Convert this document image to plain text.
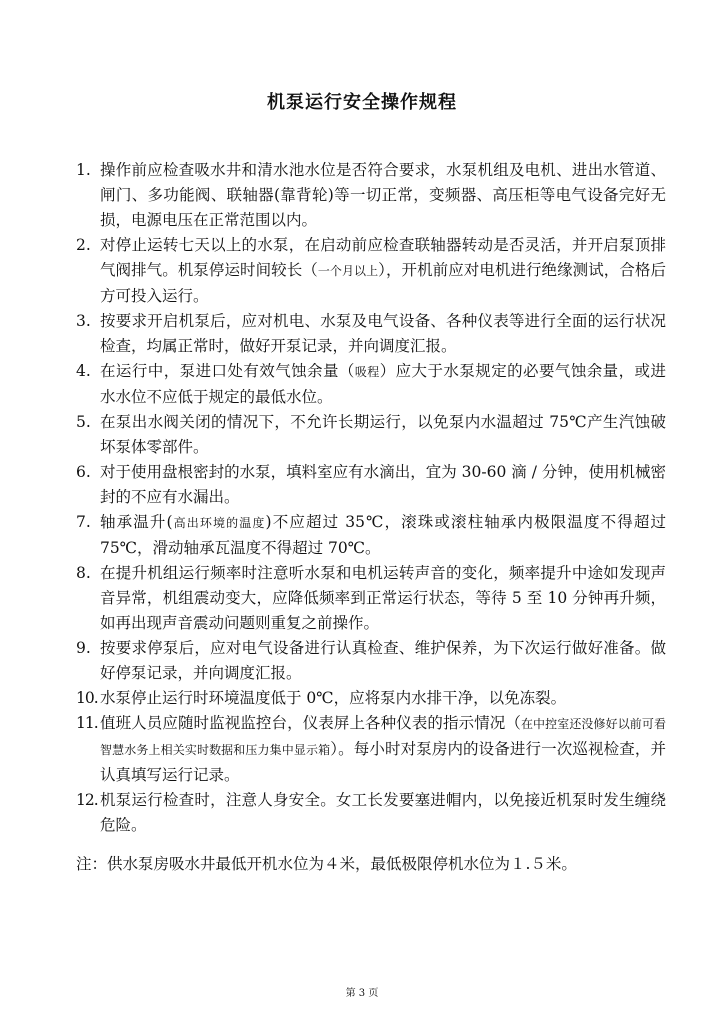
机泵运行安全操作规程
1. 操作前应检查吸水井和清水池水位是否符合要求，水泵机组及电机、进出水管道、闸门、多功能阀、联轴器(靠背轮)等一切正常，变频器、高压柜等电气设备完好无损，电源电压在正常范围以内。
2. 对停止运转七天以上的水泵，在启动前应检查联轴器转动是否灵活，并开启泵顶排气阀排气。机泵停运时间较长（一个月以上），开机前应对电机进行绝缘测试，合格后方可投入运行。
3. 按要求开启机泵后，应对机电、水泵及电气设备、各种仪表等进行全面的运行状况检查，均属正常时，做好开泵记录，并向调度汇报。
4. 在运行中，泵进口处有效气蚀余量（吸程）应大于水泵规定的必要气蚀余量，或进水水位不应低于规定的最低水位。
5. 在泵出水阀关闭的情况下，不允许长期运行，以免泵内水温超过 75℃产生汽蚀破坏泵体零部件。
6. 对于使用盘根密封的水泵，填料室应有水滴出，宜为 30-60 滴 / 分钟，使用机械密封的不应有水漏出。
7. 轴承温升(高出环境的温度)不应超过 35℃，滚珠或滚柱轴承内极限温度不得超过 75℃，滑动轴承瓦温度不得超过 70℃。
8. 在提升机组运行频率时注意听水泵和电机运转声音的变化，频率提升中途如发现声音异常，机组震动变大，应降低频率到正常运行状态，等待 5 至 10 分钟再升频，如再出现声音震动问题则重复之前操作。
9. 按要求停泵后，应对电气设备进行认真检查、维护保养，为下次运行做好准备。做好停泵记录，并向调度汇报。
10. 水泵停止运行时环境温度低于 0℃，应将泵内水排干净，以免冻裂。
11. 值班人员应随时监视监控台，仪表屏上各种仪表的指示情况（在中控室还没修好以前可看智慧水务上相关实时数据和压力集中显示箱）。每小时对泵房内的设备进行一次巡视检查，并认真填写运行记录。
12. 机泵运行检查时，注意人身安全。女工长发要塞进帽内，以免接近机泵时发生缠绕危险。
注：供水泵房吸水井最低开机水位为４米，最低极限停机水位为１.５米。
第 3 页
